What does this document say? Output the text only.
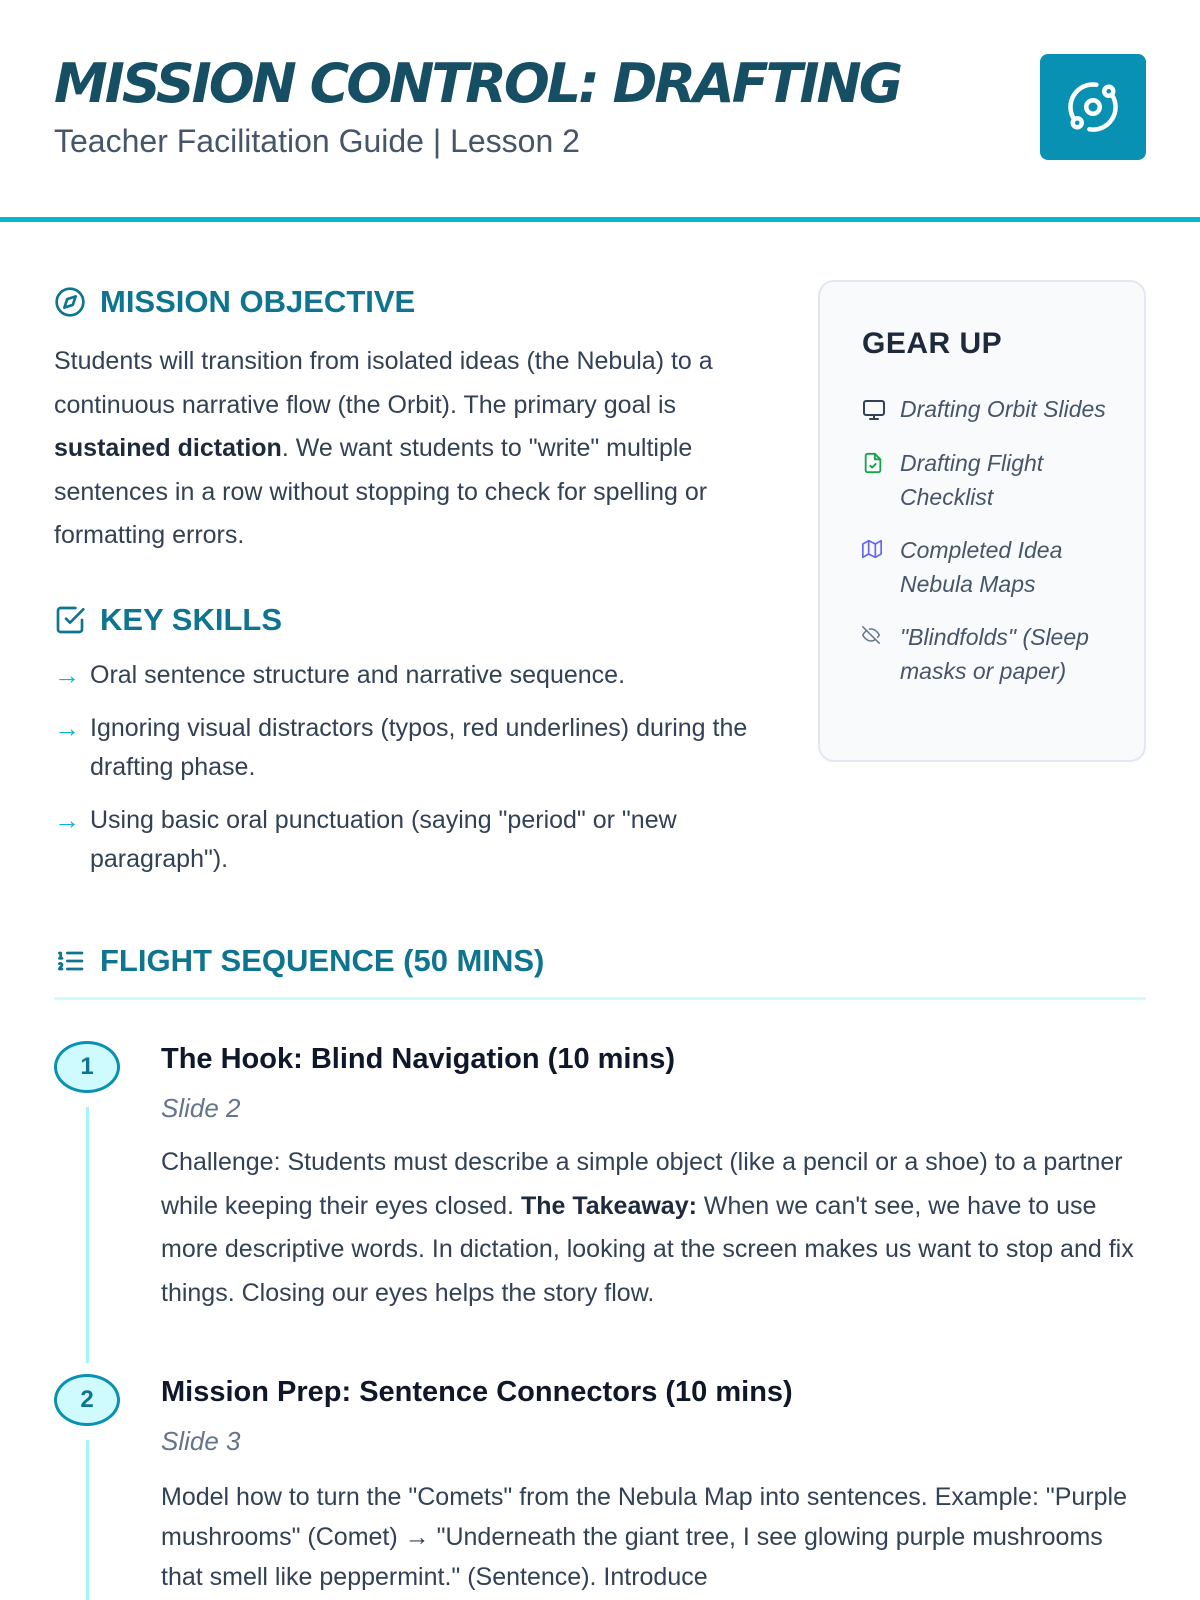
MISSION CONTROL: DRAFTING
Teacher Facilitation Guide | Lesson 2
MISSION OBJECTIVE

Students will transition from isolated ideas (the Nebula) to a continuous narrative flow (the Orbit). The primary goal is sustained dictation. We want students to "write" multiple sentences in a row without stopping to check for spelling or formatting errors.

KEY SKILLS
→ Oral sentence structure and narrative sequence.
→ Ignoring visual distractors (typos, red underlines) during the drafting phase.
→ Using basic oral punctuation (saying "period" or "new paragraph").
GEAR UP
Drafting Orbit Slides
Drafting Flight Checklist
Completed Idea Nebula Maps
"Blindfolds" (Sleep masks or paper)
FLIGHT SEQUENCE (50 MINS)
1	The Hook: Blind Navigation (10 mins)
Slide 2

Challenge: Students must describe a simple object (like a pencil or a shoe) to a partner while keeping their eyes closed. The Takeaway: When we can't see, we have to use more descriptive words. In dictation, looking at the screen makes us want to stop and fix things. Closing our eyes helps the story flow.

2	Mission Prep: Sentence Connectors (10 mins)
Slide 3

Model how to turn the "Comets" from the Nebula Map into sentences. Example: "Purple mushrooms" (Comet) → "Underneath the giant tree, I see glowing purple mushrooms that smell like peppermint." (Sentence). Introduce
